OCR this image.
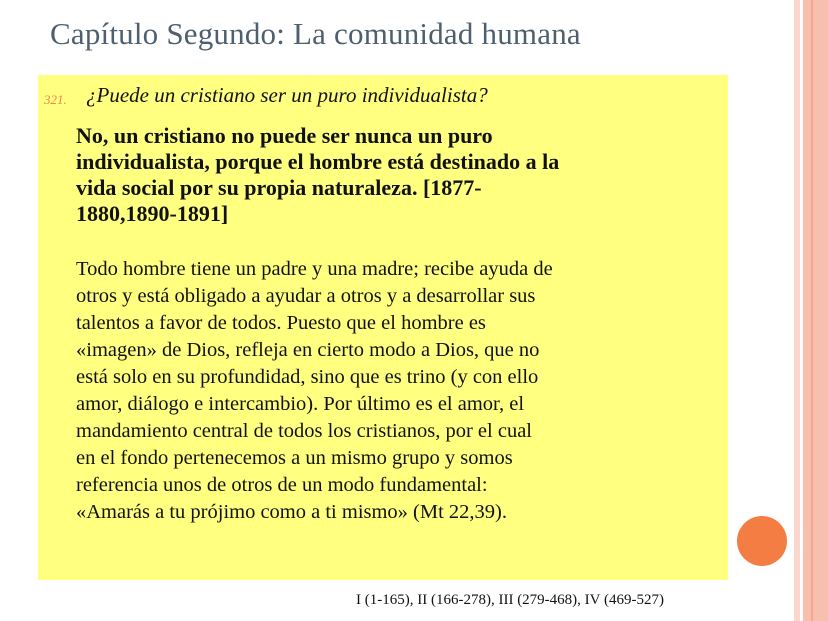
Capítulo Segundo: La comunidad humana
321. ¿Puede un cristiano ser un puro individualista?
No, un cristiano no puede ser nunca un puro
individualista, porque el hombre está destinado a la
vida social por su propia naturaleza. [1877-
1880,1890-1891]
Todo hombre tiene un padre y una madre; recibe ayuda de
otros y está obligado a ayudar a otros y a desarrollar sus
talentos a favor de todos. Puesto que el hombre es
«imagen» de Dios, refleja en cierto modo a Dios, que no
está solo en su profundidad, sino que es trino (y con ello
amor, diálogo e intercambio). Por último es el amor, el
mandamiento central de todos los cristianos, por el cual
en el fondo pertenecemos a un mismo grupo y somos
referencia unos de otros de un modo fundamental:
«Amarás a tu prójimo como a ti mismo» (Mt 22,39).
I (1-165), II (166-278), III (279-468), IV (469-527)
